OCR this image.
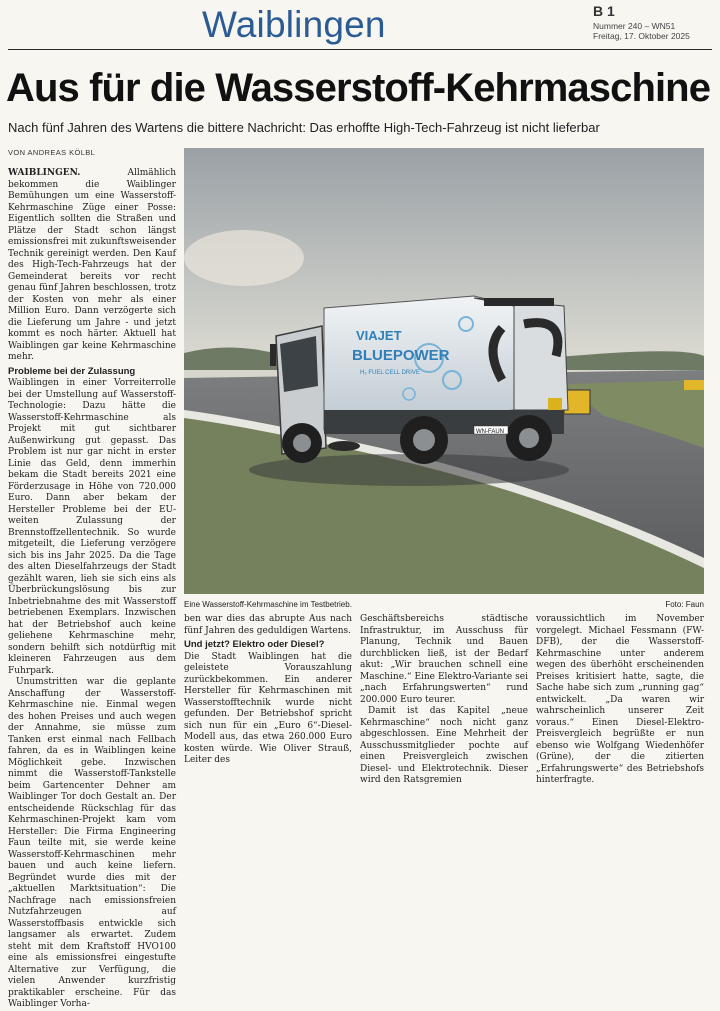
Waiblingen	B 1
Nummer 240 – WN51
Freitag, 17. Oktober 2025
Aus für die Wasserstoff-Kehrmaschine
Nach fünf Jahren des Wartens die bittere Nachricht: Das erhoffte High-Tech-Fahrzeug ist nicht lieferbar
VON ANDREAS KÖLBL

WAIBLINGEN.	Allmählich bekommen die Waiblinger Bemühungen um eine Wasserstoff-Kehrmaschine Züge einer Posse: Eigentlich sollten die Straßen und Plätze der Stadt schon längst emissionsfrei mit zukunftsweisender Technik gereinigt werden. Den Kauf des High-Tech-Fahrzeugs hat der Gemeinderat bereits vor recht genau fünf Jahren beschlossen, trotz der Kosten von mehr als einer Million Euro. Dann verzögerte sich die Lieferung um Jahre - und jetzt kommt es noch härter. Aktuell hat Waiblingen gar keine Kehrmaschine mehr.

Probleme bei der Zulassung

Waiblingen in einer Vorreiterrolle bei der Umstellung auf Wasserstoff-Technologie: Dazu hätte die Wasserstoff-Kehrmaschine als Projekt mit gut sichtbarer Außenwirkung gut gepasst. Das Problem ist nur gar nicht in erster Linie das Geld, denn immerhin bekam die Stadt bereits 2021 eine Förderzusage in Höhe von 720.000 Euro. Dann aber bekam der Hersteller Probleme bei der EU-weiten Zulassung der Brennstoffzellentechnik. So wurde mitgeteilt, die Lieferung verzögere sich bis ins Jahr 2025. Da die Tage des alten Dieselfahrzeugs der Stadt gezählt waren, lieh sie sich eins als Überbrückungslösung bis zur Inbetriebnahme des mit Wasserstoff betriebenen Exemplars. Inzwischen hat der Betriebshof auch keine geliehene Kehrmaschine mehr, sondern behilft sich notdürftig mit kleineren Fahrzeugen aus dem Fuhrpark.

Unumstritten war die geplante Anschaffung der Wasserstoff-Kehrmaschine nie. Einmal wegen des hohen Preises und auch wegen der Annahme, sie müsse zum Tanken erst einmal nach Fellbach fahren, da es in Waiblingen keine Möglichkeit gebe. Inzwischen nimmt die Wasserstoff-Tankstelle beim Gartencenter Dehner am Waiblinger Tor doch Gestalt an. Der entscheidende Rückschlag für das Kehrmaschinen-Projekt kam vom Hersteller: Die Firma Engineering Faun teilte mit, sie werde keine Wasserstoff-Kehrmaschinen mehr bauen und auch keine liefern. Begründet wurde dies mit der „aktuellen Marktsituation“: Die Nachfrage nach emissionsfreien Nutzfahrzeugen auf Wasserstoffbasis entwickle sich langsamer als erwartet. Zudem steht mit dem Kraftstoff HVO100 eine als emissionsfrei eingestufte Alternative zur Verfügung, die vielen Anwender kurzfristig praktikabler erscheine. Für das Waiblinger Vorha-

VIAJET
BLUEPOWER
H₂ FUEL CELL DRIVE
WN-FAUN
Eine Wasserstoff-Kehrmaschine im Testbetrieb.	Foto: Faun

ben war dies das abrupte Aus nach fünf Jahren des geduldigen Wartens.

Und jetzt? Elektro oder Diesel?

Die Stadt Waiblingen hat die geleistete Vorauszahlung zurückbekommen. Ein anderer Hersteller für Kehrmaschinen mit Wasserstofftechnik wurde nicht gefunden. Der Betriebshof spricht sich nun für ein „Euro 6“-Diesel-Modell aus, das etwa 260.000 Euro kosten würde. Wie Oliver Strauß, Leiter des

Geschäftsbereichs städtische Infrastruktur, im Ausschuss für Planung, Technik und Bauen durchblicken ließ, ist der Bedarf akut: „Wir brauchen schnell eine Maschine.“ Eine Elektro-Variante sei „nach Erfahrungswerten“ rund 200.000 Euro teurer.

Damit ist das Kapitel „neue Kehrmaschine“ noch nicht ganz abgeschlossen. Eine Mehrheit der Ausschussmitglieder pochte auf einen Preisvergleich zwischen Diesel- und Elektrotechnik. Dieser wird den Ratsgremien

voraussichtlich im November vorgelegt. Michael Fessmann (FW-DFB), der die Wasserstoff-Kehrmaschine unter anderem wegen des überhöht erscheinenden Preises kritisiert hatte, sagte, die Sache habe sich zum „running gag“ entwickelt. „Da waren wir wahrscheinlich unserer Zeit voraus.“ Einen Diesel-Elektro-Preisvergleich begrüßte er nun ebenso wie Wolfgang Wiedenhöfer (Grüne), der die zitierten „Erfahrungswerte“ des Betriebshofs hinterfragte.
